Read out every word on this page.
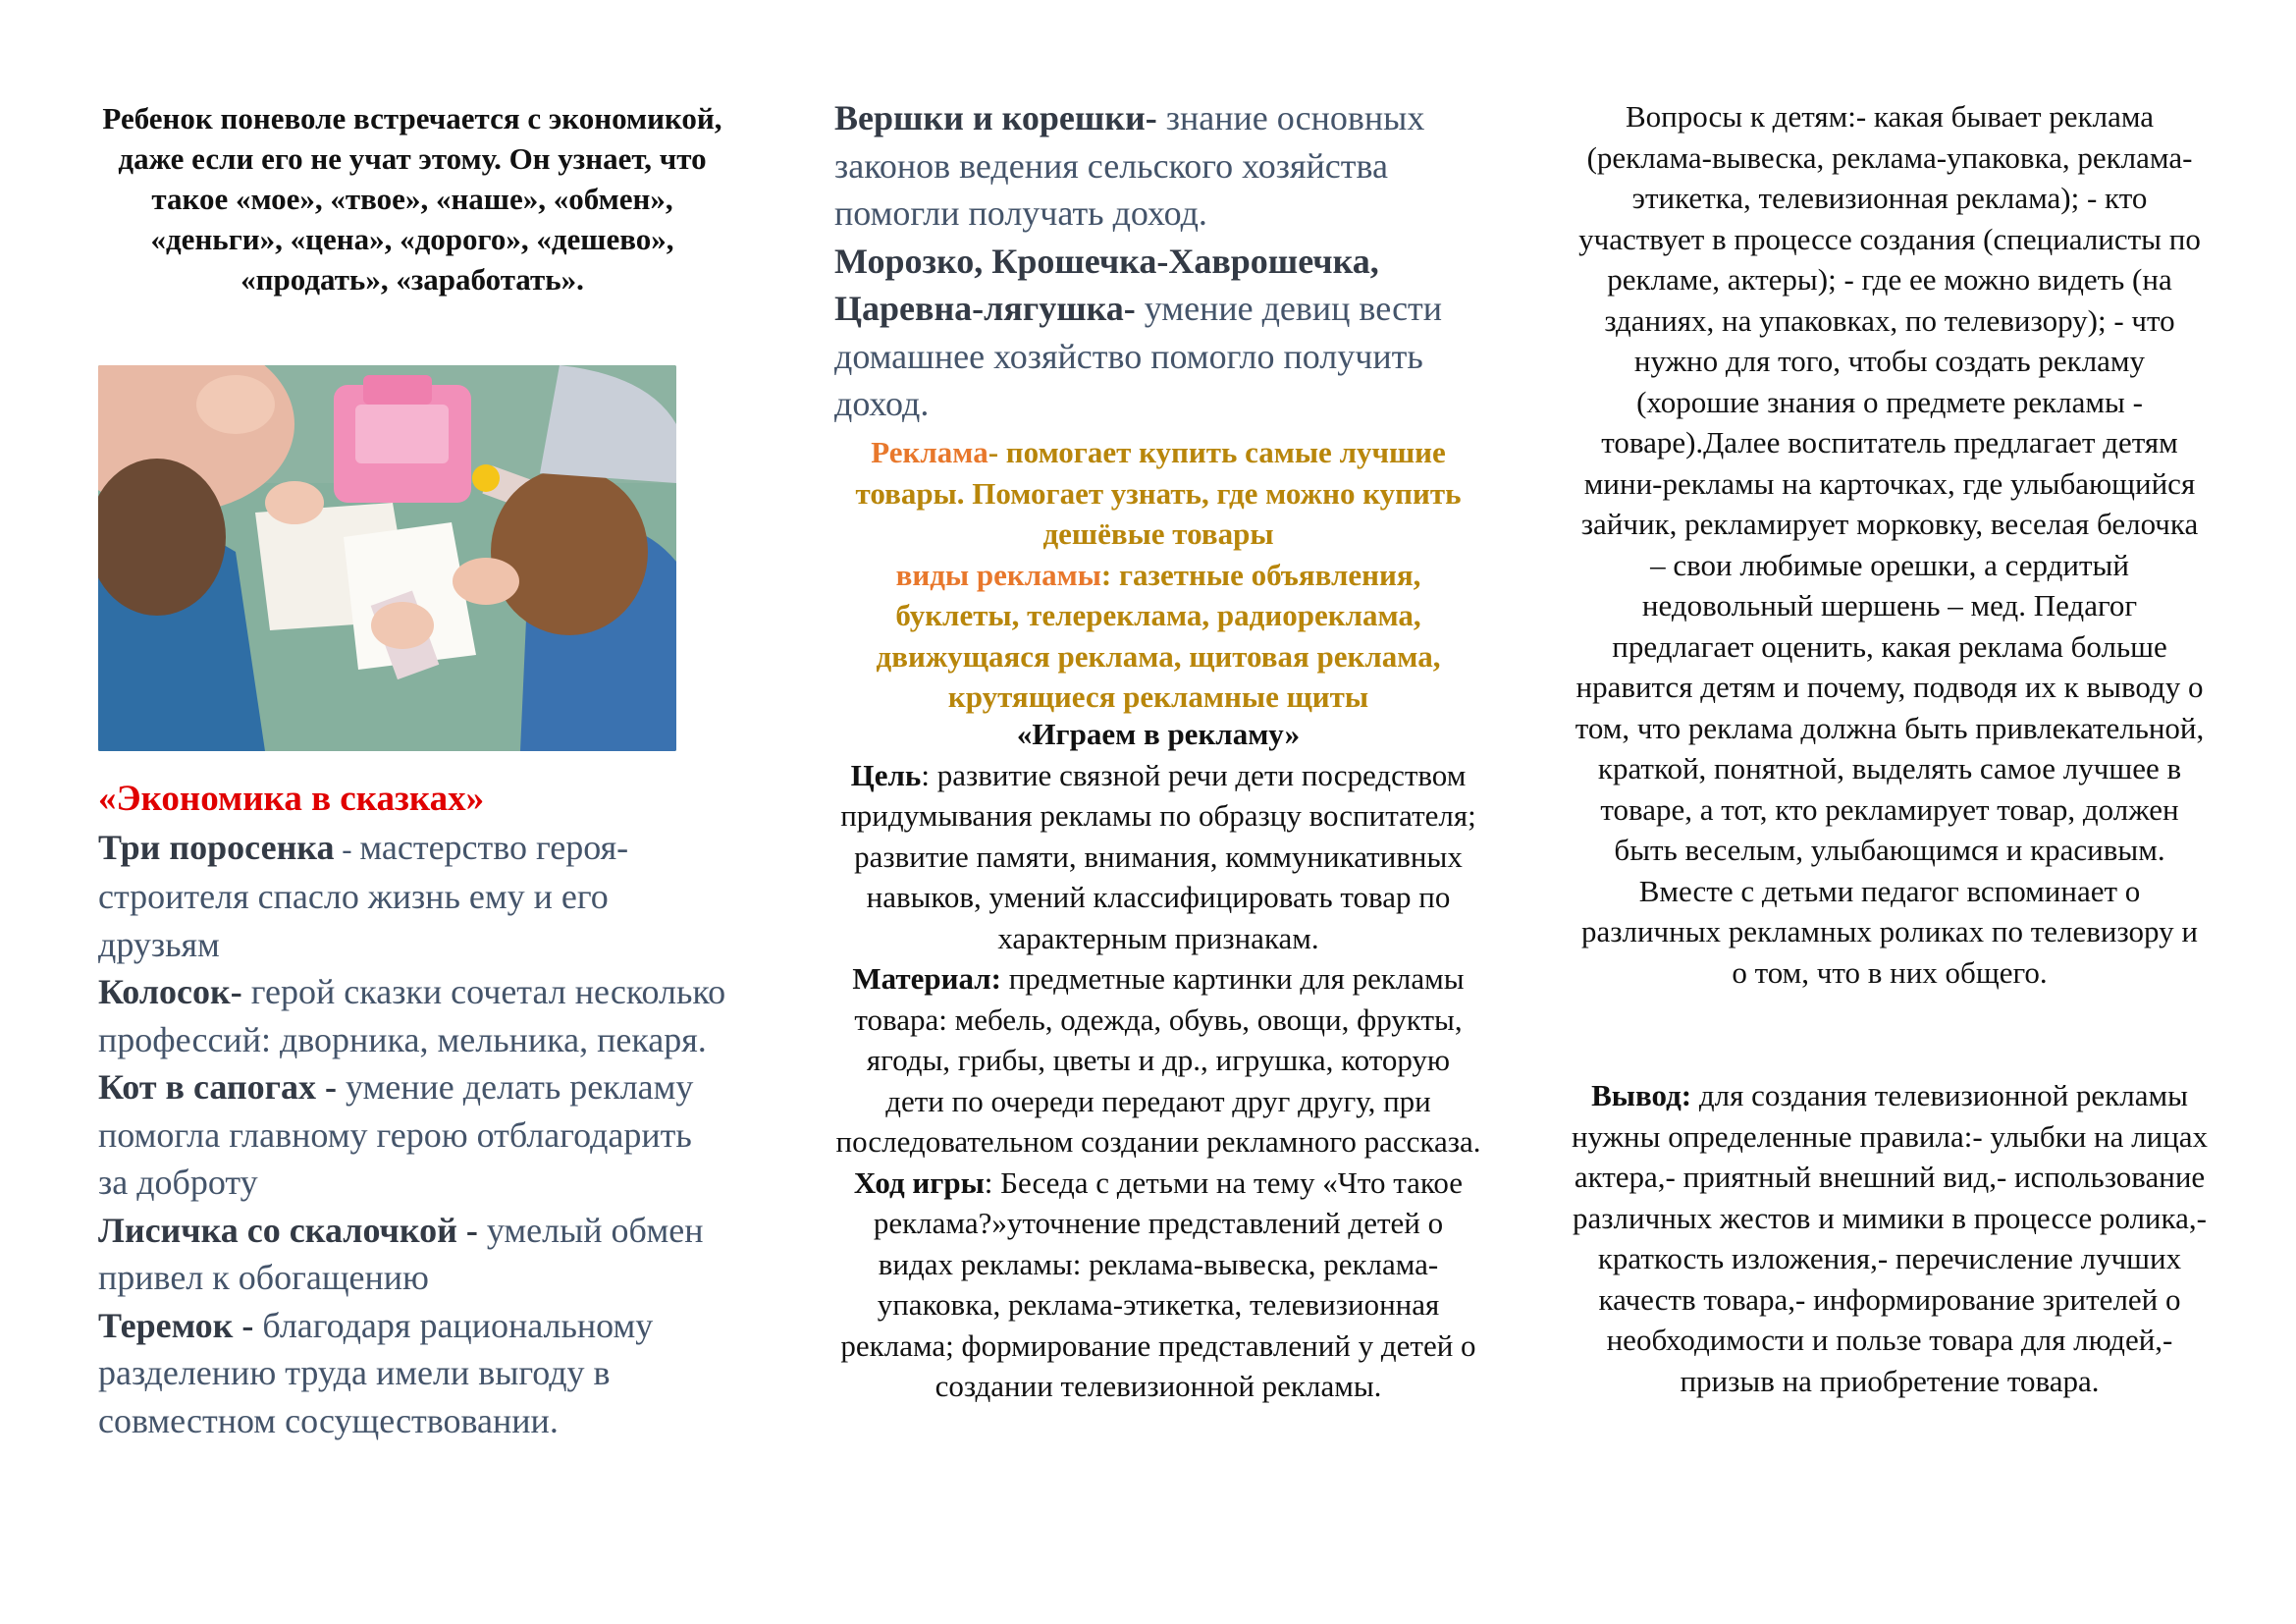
Ребенок поневоле встречается с экономикой, даже если его не учат этому. Он узнает, что такое «мое», «твое», «наше», «обмен», «деньги», «цена», «дорого», «дешево», «продать», «заработать».
«Экономика в сказках»
Три поросенка - мастерство героя-строителя спасло жизнь ему и его друзьям
Колосок- герой сказки сочетал несколько профессий: дворника, мельника, пекаря.
Кот в сапогах - умение делать рекламу помогла главному герою отблагодарить за доброту
Лисичка со скалочкой - умелый обмен привел к обогащению
Теремок - благодаря рациональному разделению труда имели выгоду в совместном сосуществовании.
Вершки и корешки- знание основных законов ведения сельского хозяйства помогли получать доход.
Морозко, Крошечка-Хаврошечка, Царевна-лягушка- умение девиц вести домашнее хозяйство помогло получить доход.
Реклама- помогает купить самые лучшие товары. Помогает узнать, где можно купить дешёвые товары
виды рекламы: газетные объявления, буклеты, телереклама, радиореклама, движущаяся реклама, щитовая реклама, крутящиеся рекламные щиты
«Играем в рекламу»
Цель: развитие связной речи дети посредством придумывания рекламы по образцу воспитателя; развитие памяти, внимания, коммуникативных навыков, умений классифицировать товар по характерным признакам.
Материал: предметные картинки для рекламы товара: мебель, одежда, обувь, овощи, фрукты, ягоды, грибы, цветы и др., игрушка, которую дети по очереди передают друг другу, при последовательном создании рекламного рассказа.
Ход игры: Беседа с детьми на тему «Что такое реклама?»уточнение представлений детей о видах рекламы: реклама-вывеска, реклама-упаковка, реклама-этикетка, телевизионная реклама; формирование представлений у детей о создании телевизионной рекламы.
Вопросы к детям:- какая бывает реклама (реклама-вывеска, реклама-упаковка, реклама-этикетка, телевизионная реклама); - кто участвует в процессе создания (специалисты по рекламе, актеры); - где ее можно видеть (на зданиях, на упаковках, по телевизору); - что нужно для того, чтобы создать рекламу (хорошие знания о предмете рекламы - товаре).Далее воспитатель предлагает детям мини-рекламы на карточках, где улыбающийся зайчик, рекламирует морковку, веселая белочка – свои любимые орешки, а сердитый недовольный шершень – мед. Педагог предлагает оценить, какая реклама больше нравится детям и почему, подводя их к выводу о том, что реклама должна быть привлекательной, краткой, понятной, выделять самое лучшее в товаре, а тот, кто рекламирует товар, должен быть веселым, улыбающимся и красивым. Вместе с детьми педагог вспоминает о различных рекламных роликах по телевизору и о том, что в них общего.
Вывод: для создания телевизионной рекламы нужны определенные правила:- улыбки на лицах актера,- приятный внешний вид,- использование различных жестов и мимики в процессе ролика,- краткость изложения,- перечисление лучших качеств товара,- информирование зрителей о необходимости и пользе товара для людей,- призыв на приобретение товара.
